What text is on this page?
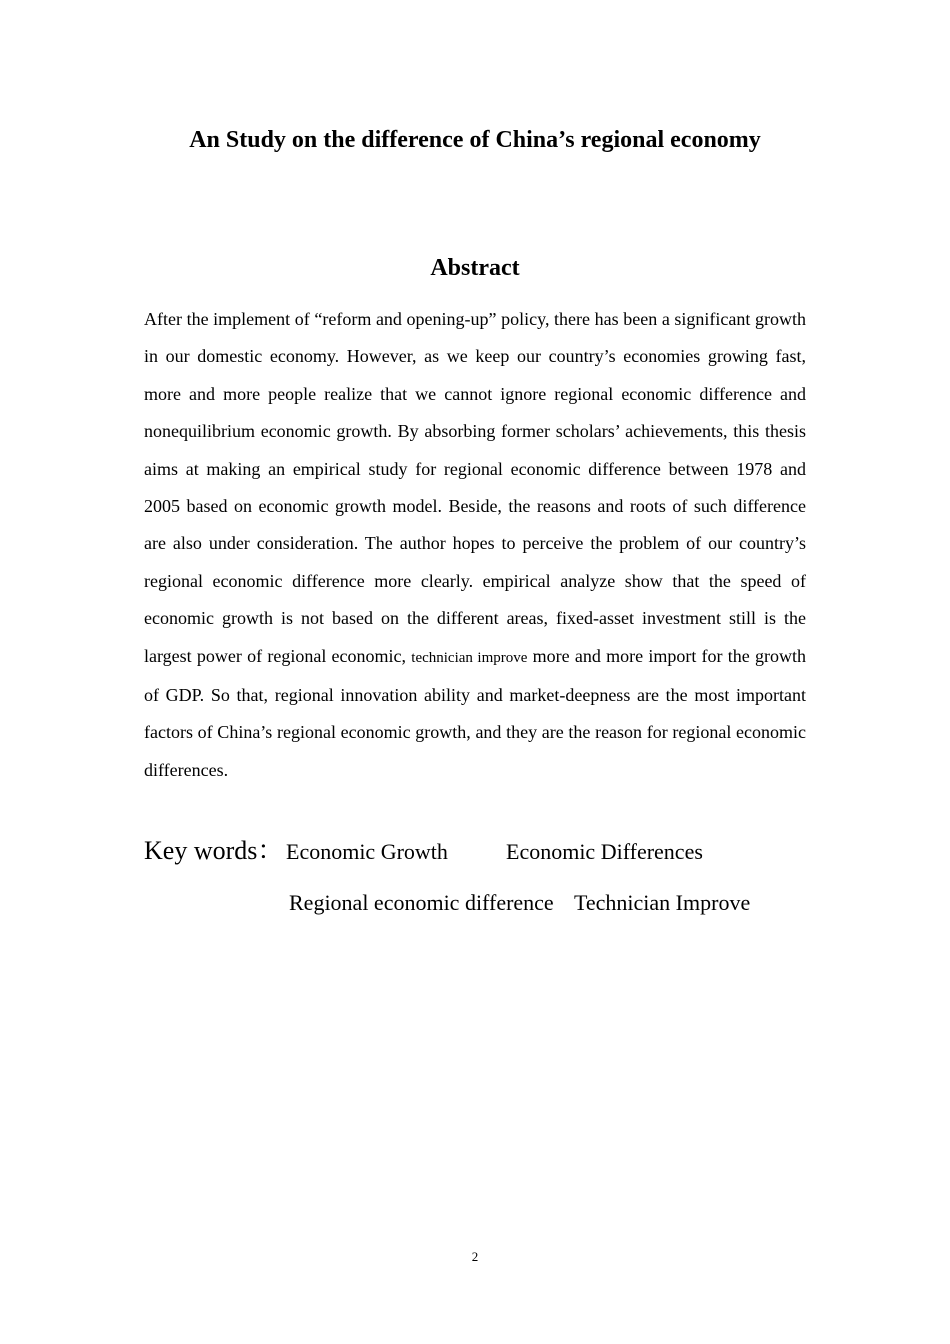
An Study on the difference of China’s regional economy
Abstract

After the implement of “reform and opening-up” policy, there has been a significant growth in our domestic economy. However, as we keep our country’s economies growing fast, more and more people realize that we cannot ignore regional economic difference and nonequilibrium economic growth. By absorbing former scholars’ achievements, this thesis aims at making an empirical study for regional economic difference between 1978 and 2005 based on economic growth model. Beside, the reasons and roots of such difference are also under consideration. The author hopes to perceive the problem of our country’s regional economic difference more clearly. empirical analyze show that the speed of economic growth is not based on the different areas, fixed-asset investment still is the largest power of regional economic, technician improve more and more import for the growth of GDP. So that, regional innovation ability and market-deepness are the most important factors of China’s regional economic growth, and they are the reason for regional economic differences.

Key words： Economic Growth	Economic Differences
Regional economic difference Technician Improve
2
